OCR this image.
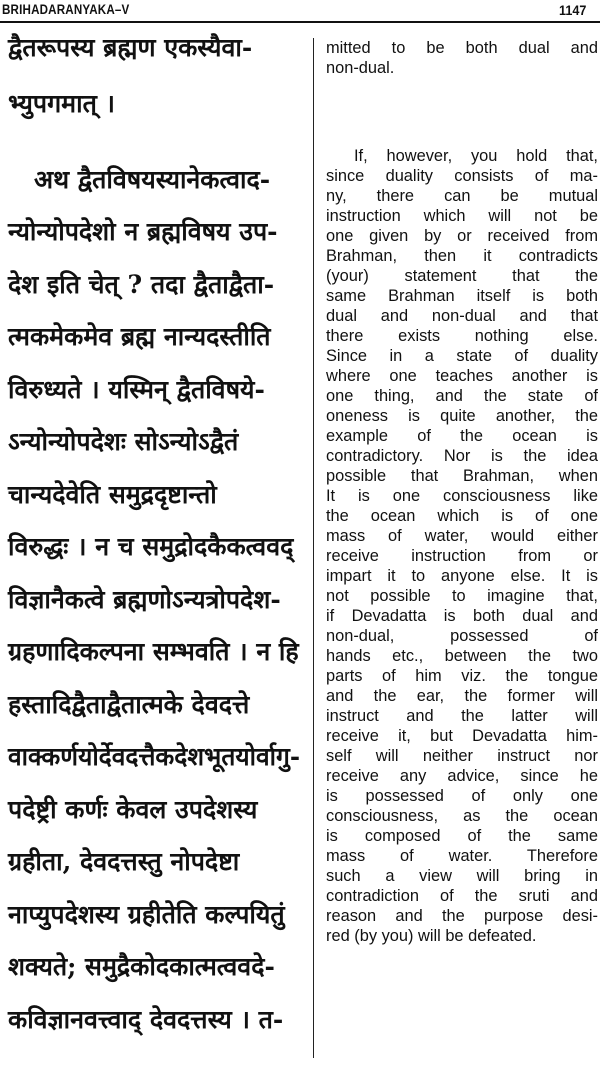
BRIHADARANYAKA–V	1147
द्वैतरूपस्य ब्रह्मण एकस्यैवा-
भ्युपगमात् ।
अथ द्वैतविषयस्यानेकत्वाद-
न्योन्योपदेशो न ब्रह्मविषय उप-
देश इति चेत् ? तदा द्वैताद्वैता-
त्मकमेकमेव ब्रह्म नान्यदस्तीति
विरुध्यते । यस्मिन् द्वैतविषये-
ऽन्योन्योपदेशः सोऽन्योऽद्वैतं
चान्यदेवेति समुद्रदृष्टान्तो
विरुद्धः । न च समुद्रोदकैकत्ववद्
विज्ञानैकत्वे ब्रह्मणोऽन्यत्रोपदेश-
ग्रहणादिकल्पना सम्भवति । न हि
हस्तादिद्वैताद्वैतात्मके देवदत्ते
वाक्कर्णयोर्देवदत्तैकदेशभूतयोर्वागु-
पदेष्ट्री कर्णः केवल उपदेशस्य
ग्रहीता, देवदत्तस्तु नोपदेष्टा
नाप्युपदेशस्य ग्रहीतेति कल्पयितुं
शक्यते; समुद्रैकोदकात्मत्ववदे-
कविज्ञानवत्त्वाद् देवदत्तस्य । त-
mitted to be both dual and
non-dual.
If, however, you hold that,
since duality consists of ma-
ny, there can be mutual
instruction which will not be
one given by or received from
Brahman, then it contradicts
(your) statement that the
same Brahman itself is both
dual and non-dual and that
there exists nothing else.
Since in a state of duality
where one teaches another is
one thing, and the state of
oneness is quite another, the
example of the ocean is
contradictory. Nor is the idea
possible that Brahman, when
It is one consciousness like
the ocean which is of one
mass of water, would either
receive instruction from or
impart it to anyone else. It is
not possible to imagine that,
if Devadatta is both dual and
non-dual, possessed of
hands etc., between the two
parts of him viz. the tongue
and the ear, the former will
instruct and the latter will
receive it, but Devadatta him-
self will neither instruct nor
receive any advice, since he
is possessed of only one
consciousness, as the ocean
is composed of the same
mass of water. Therefore
such a view will bring in
contradiction of the sruti and
reason and the purpose desi-
red (by you) will be defeated.
